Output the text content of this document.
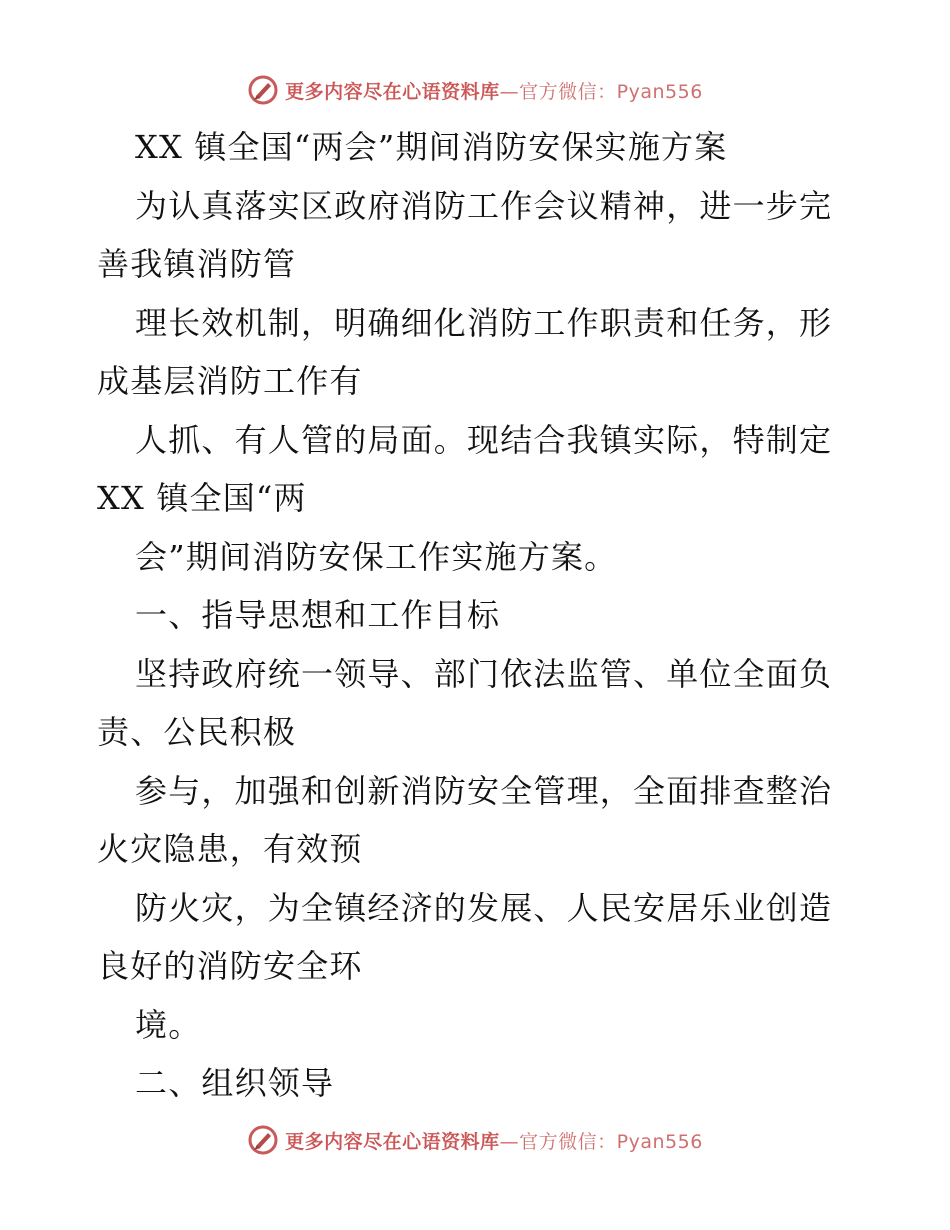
更多内容尽在心语资料库—官方微信：Pyan556
XX 镇全国“两会”期间消防安保实施方案
为认真落实区政府消防工作会议精神，进一步完
善我镇消防管
理长效机制，明确细化消防工作职责和任务，形
成基层消防工作有
人抓、有人管的局面。现结合我镇实际，特制定
XX 镇全国“两
会”期间消防安保工作实施方案。
一、指导思想和工作目标
坚持政府统一领导、部门依法监管、单位全面负
责、公民积极
参与，加强和创新消防安全管理，全面排查整治
火灾隐患，有效预
防火灾，为全镇经济的发展、人民安居乐业创造
良好的消防安全环
境。
二、组织领导
更多内容尽在心语资料库—官方微信：Pyan556
